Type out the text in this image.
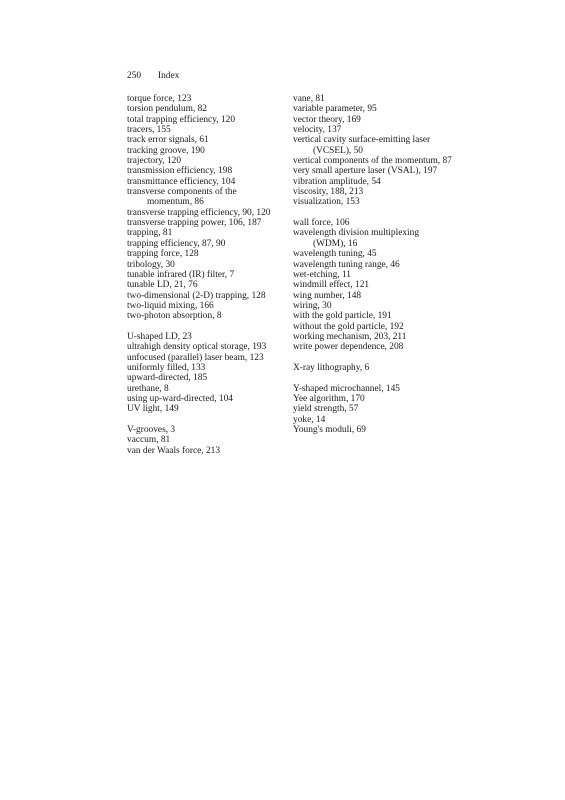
250 Index
torque force, 123
torsion pendulum, 82
total trapping efficiency, 120
tracers, 155
track error signals, 61
tracking groove, 190
trajectory, 120
transmission efficiency, 198
transmittance efficiency, 104
transverse components of the momentum, 86
transverse trapping efficiency, 90, 120
transverse trapping power, 106, 187
trapping, 81
trapping efficiency, 87, 90
trapping force, 128
tribology, 30
tunable infrared (IR) filter, 7
tunable LD, 21, 76
two-dimensional (2-D) trapping, 128
two-liquid mixing, 166
two-photon absorption, 8
U-shaped LD, 23
ultrahigh density optical storage, 193
unfocused (parallel) laser beam, 123
uniformly filled, 133
upward-directed, 185
urethane, 8
using up-ward-directed, 104
UV light, 149
V-grooves, 3
vaccum, 81
van der Waals force, 213
vane, 81
variable parameter, 95
vector theory, 169
velocity, 137
vertical cavity surface-emitting laser (VCSEL), 50
vertical components of the momentum, 87
very small aperture laser (VSAL), 197
vibration amplitude, 54
viscosity, 188, 213
visualization, 153
wall force, 106
wavelength division multiplexing (WDM), 16
wavelength tuning, 45
wavelength tuning range, 46
wet-etching, 11
windmill effect, 121
wing number, 148
wiring, 30
with the gold particle, 191
without the gold particle, 192
working mechanism, 203, 211
write power dependence, 208
X-ray lithography, 6
Y-shaped microchannel, 145
Yee algorithm, 170
yield strength, 57
yoke, 14
Young's moduli, 69
